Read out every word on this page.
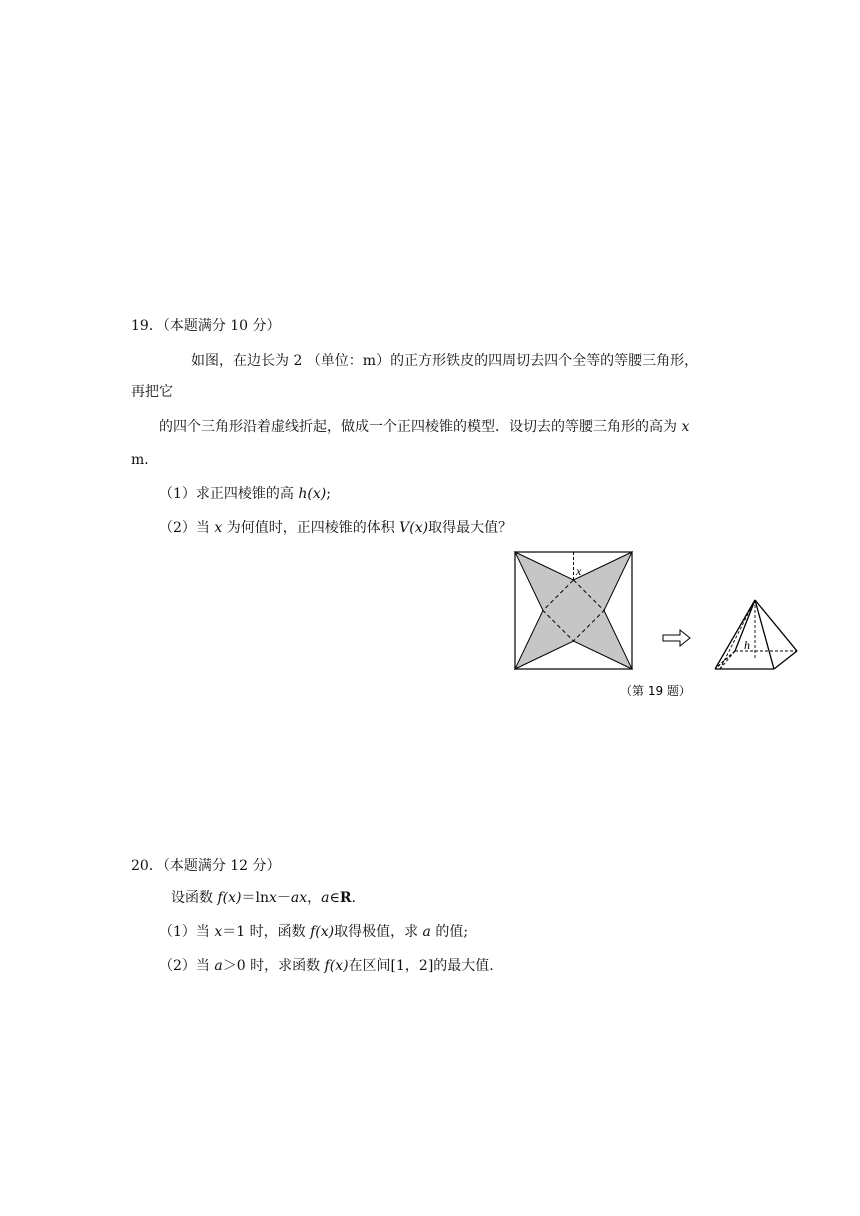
19．（本题满分 10 分）
如图，在边长为 2 （单位：m）的正方形铁皮的四周切去四个全等的等腰三角形，
再把它
的四个三角形沿着虚线折起，做成一个正四棱锥的模型．设切去的等腰三角形的高为 x
m．
（1）求正四棱锥的高 h(x);
（2）当 x 为何值时，正四棱锥的体积 V(x)取得最大值？
x
h
（第 19 题）
20．（本题满分 12 分）
设函数 f(x)＝lnx－ax，a∈R.
（1）当 x＝1 时，函数 f(x)取得极值，求 a 的值;
（2）当 a＞0 时，求函数 f(x)在区间[1，2]的最大值.
